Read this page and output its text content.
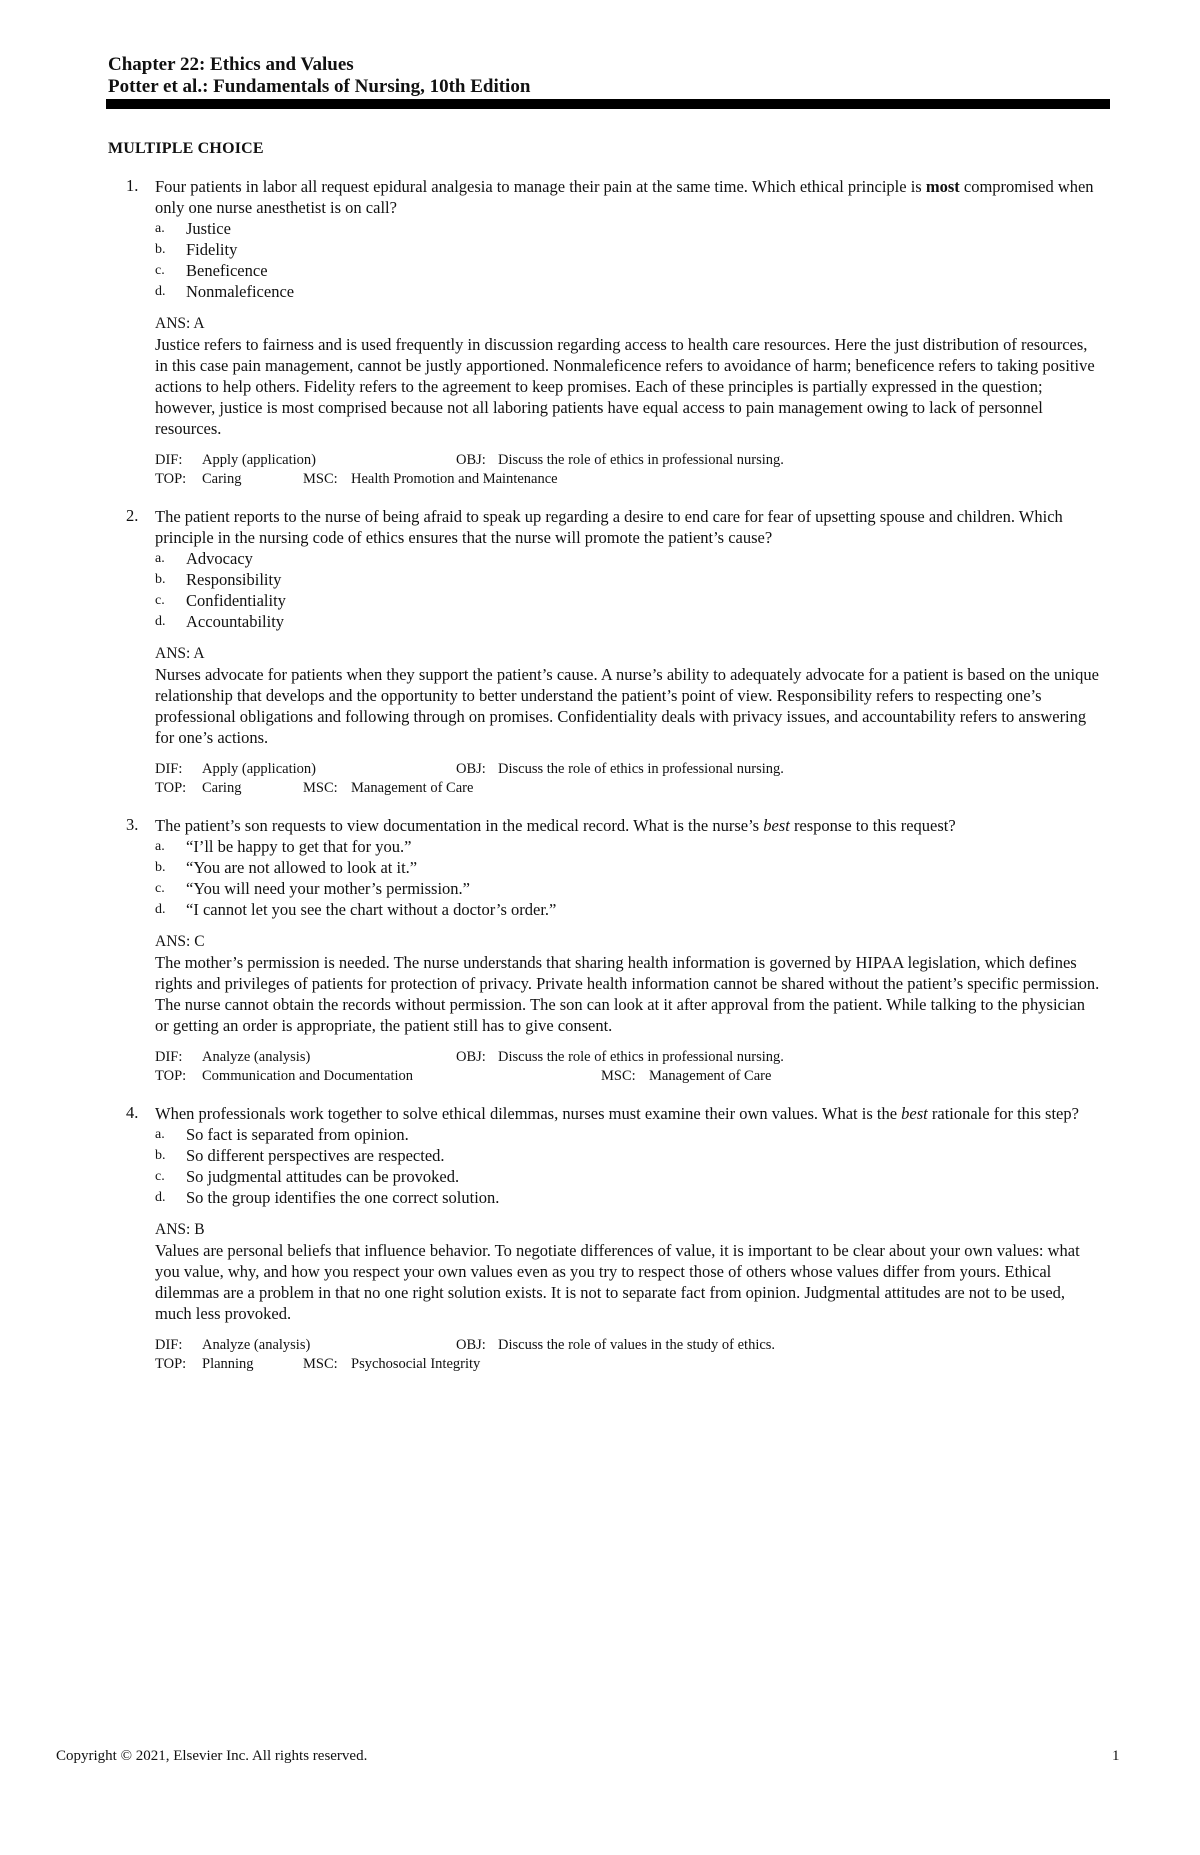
Chapter 22: Ethics and Values
Potter et al.: Fundamentals of Nursing, 10th Edition
MULTIPLE CHOICE
1. Four patients in labor all request epidural analgesia to manage their pain at the same time. Which ethical principle is most compromised when only one nurse anesthetist is on call?
a. Justice
b. Fidelity
c. Beneficence
d. Nonmaleficence
ANS: A
Justice refers to fairness and is used frequently in discussion regarding access to health care resources. Here the just distribution of resources, in this case pain management, cannot be justly apportioned. Nonmaleficence refers to avoidance of harm; beneficence refers to taking positive actions to help others. Fidelity refers to the agreement to keep promises. Each of these principles is partially expressed in the question; however, justice is most comprised because not all laboring patients have equal access to pain management owing to lack of personnel resources.
DIF: Apply (application)	OBJ: Discuss the role of ethics in professional nursing.
TOP: Caring	MSC: Health Promotion and Maintenance
2. The patient reports to the nurse of being afraid to speak up regarding a desire to end care for fear of upsetting spouse and children. Which principle in the nursing code of ethics ensures that the nurse will promote the patient’s cause?
a. Advocacy
b. Responsibility
c. Confidentiality
d. Accountability
ANS: A
Nurses advocate for patients when they support the patient’s cause. A nurse’s ability to adequately advocate for a patient is based on the unique relationship that develops and the opportunity to better understand the patient’s point of view. Responsibility refers to respecting one’s professional obligations and following through on promises. Confidentiality deals with privacy issues, and accountability refers to answering for one’s actions.
DIF: Apply (application)	OBJ: Discuss the role of ethics in professional nursing.
TOP: Caring	MSC: Management of Care
3. The patient’s son requests to view documentation in the medical record. What is the nurse’s best response to this request?
a. “I’ll be happy to get that for you.”
b. “You are not allowed to look at it.”
c. “You will need your mother’s permission.”
d. “I cannot let you see the chart without a doctor’s order.”
ANS: C
The mother’s permission is needed. The nurse understands that sharing health information is governed by HIPAA legislation, which defines rights and privileges of patients for protection of privacy. Private health information cannot be shared without the patient’s specific permission. The nurse cannot obtain the records without permission. The son can look at it after approval from the patient. While talking to the physician or getting an order is appropriate, the patient still has to give consent.
DIF: Analyze (analysis)	OBJ: Discuss the role of ethics in professional nursing.
TOP: Communication and Documentation	MSC: Management of Care
4. When professionals work together to solve ethical dilemmas, nurses must examine their own values. What is the best rationale for this step?
a. So fact is separated from opinion.
b. So different perspectives are respected.
c. So judgmental attitudes can be provoked.
d. So the group identifies the one correct solution.
ANS: B
Values are personal beliefs that influence behavior. To negotiate differences of value, it is important to be clear about your own values: what you value, why, and how you respect your own values even as you try to respect those of others whose values differ from yours. Ethical dilemmas are a problem in that no one right solution exists. It is not to separate fact from opinion. Judgmental attitudes are not to be used, much less provoked.
DIF: Analyze (analysis)	OBJ: Discuss the role of values in the study of ethics.
TOP: Planning	MSC: Psychosocial Integrity
Copyright © 2021, Elsevier Inc. All rights reserved.	1
